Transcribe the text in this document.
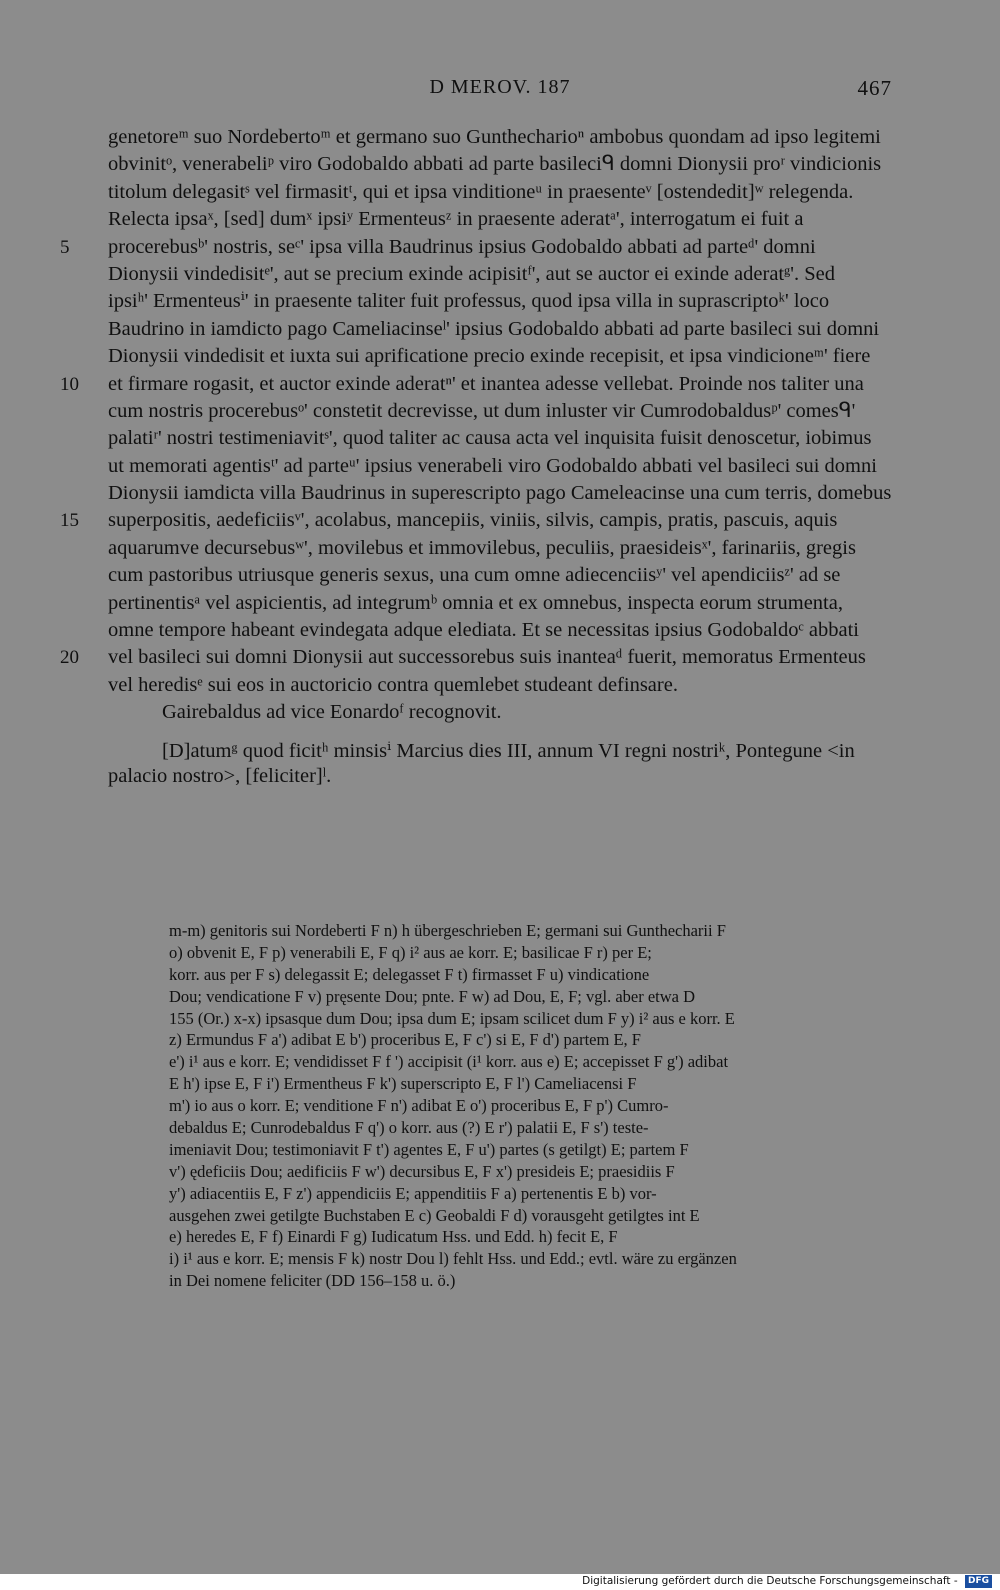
D MEROV. 187	467
genetoreᵐ suo Nordebertoᵐ et germano suo Gunthecharioⁿ ambobus quondam ad ipso legitemi
obvinitᵒ, venerabeliᵖ viro Godobaldo abbati ad parte basileciᑫ domni Dionysii proʳ vindicionis
titolum delegasitˢ vel firmasitᵗ, qui et ipsa vinditioneᵘ in praesenteᵛ [ostendedit]ʷ relegenda.
Relecta ipsaˣ, [sed] dumˣ ipsiʸ Ermenteusᶻ in praesente aderatᵃ', interrogatum ei fuit a
5	procerebusᵇ' nostris, seᶜ' ipsa villa Baudrinus ipsius Godobaldo abbati ad parteᵈ' domni
Dionysii vindedisitᵉ', aut se precium exinde acipisitᶠ', aut se auctor ei exinde aderatᵍ'. Sed
ipsiʰ' Ermenteusⁱ' in praesente taliter fuit professus, quod ipsa villa in suprascriptoᵏ' loco
Baudrino in iamdicto pago Cameliacinseˡ' ipsius Godobaldo abbati ad parte basileci sui domni
Dionysii vindedisit et iuxta sui aprificatione precio exinde recepisit, et ipsa vindicioneᵐ' fiere
10	et firmare rogasit, et auctor exinde aderatⁿ' et inantea adesse vellebat. Proinde nos taliter una
cum nostris procerebusᵒ' constetit decrevisse, ut dum inluster vir Cumrodobaldusᵖ' comesᑫ'
palatiʳ' nostri testimeniavitˢ', quod taliter ac causa acta vel inquisita fuisit denoscetur, iobimus
ut memorati agentisᵗ' ad parteᵘ' ipsius venerabeli viro Godobaldo abbati vel basileci sui domni
Dionysii iamdicta villa Baudrinus in superescripto pago Cameleacinse una cum terris, domebus
15	superpositis, aedeficiisᵛ', acolabus, mancepiis, viniis, silvis, campis, pratis, pascuis, aquis
aquarumve decursebusʷ', movilebus et immovilebus, peculiis, praesideisˣ', farinariis, gregis
cum pastoribus utriusque generis sexus, una cum omne adiecenciisʸ' vel apendiciisᶻ' ad se
pertinentisᵃ vel aspicientis, ad integrumᵇ omnia et ex omnebus, inspecta eorum strumenta,
omne tempore habeant evindegata adque elediata. Et se necessitas ipsius Godobaldoᶜ abbati
20	vel basileci sui domni Dionysii aut successorebus suis inanteaᵈ fuerit, memoratus Ermenteus
vel heredisᵉ sui eos in auctoricio contra quemlebet studeant definsare.
Gairebaldus ad vice Eonardoᶠ recognovit.
[D]atumᵍ quod ficitʰ minsisⁱ Marcius dies III, annum VI regni nostriᵏ, Pontegune <in
palacio nostro>, [feliciter]ˡ.
m-m) genitoris sui Nordeberti F n) h übergeschrieben E; germani sui Gunthecharii F
o) obvenit E, F p) venerabili E, F q) i² aus ae korr. E; basilicae F r) per E;
korr. aus per F s) delegassit E; delegasset F t) firmasset F u) vindicatione
Dou; vendicatione F v) pręsente Dou; pnte. F w) ad Dou, E, F; vgl. aber etwa D
155 (Or.) x-x) ipsasque dum Dou; ipsa dum E; ipsam scilicet dum F y) i² aus e korr. E
z) Ermundus F a') adibat E b') proceribus E, F c') si E, F d') partem E, F
e') i¹ aus e korr. E; vendidisset F f ') accipisit (i¹ korr. aus e) E; accepisset F g') adibat
E h') ipse E, F i') Ermentheus F k') superscripto E, F l') Cameliacensi F
m') io aus o korr. E; venditione F n') adibat E o') proceribus E, F p') Cumro-
debaldus E; Cunrodebaldus F q') o korr. aus (?) E r') palatii E, F s') teste-
imeniavit Dou; testimoniavit F t') agentes E, F u') partes (s getilgt) E; partem F
v') ędeficiis Dou; aedificiis F w') decursibus E, F x') presideis E; praesidiis F
y') adiacentiis E, F z') appendiciis E; appenditiis F a) pertenentis E b) vor-
ausgehen zwei getilgte Buchstaben E c) Geobaldi F d) vorausgeht getilgtes int E
e) heredes E, F f) Einardi F g) Iudicatum Hss. und Edd. h) fecit E, F
i) i¹ aus e korr. E; mensis F k) nostr Dou l) fehlt Hss. und Edd.; evtl. wäre zu ergänzen
in Dei nomene feliciter (DD 156–158 u. ö.)
Digitalisierung gefördert durch die Deutsche Forschungsgemeinschaft - DFG
